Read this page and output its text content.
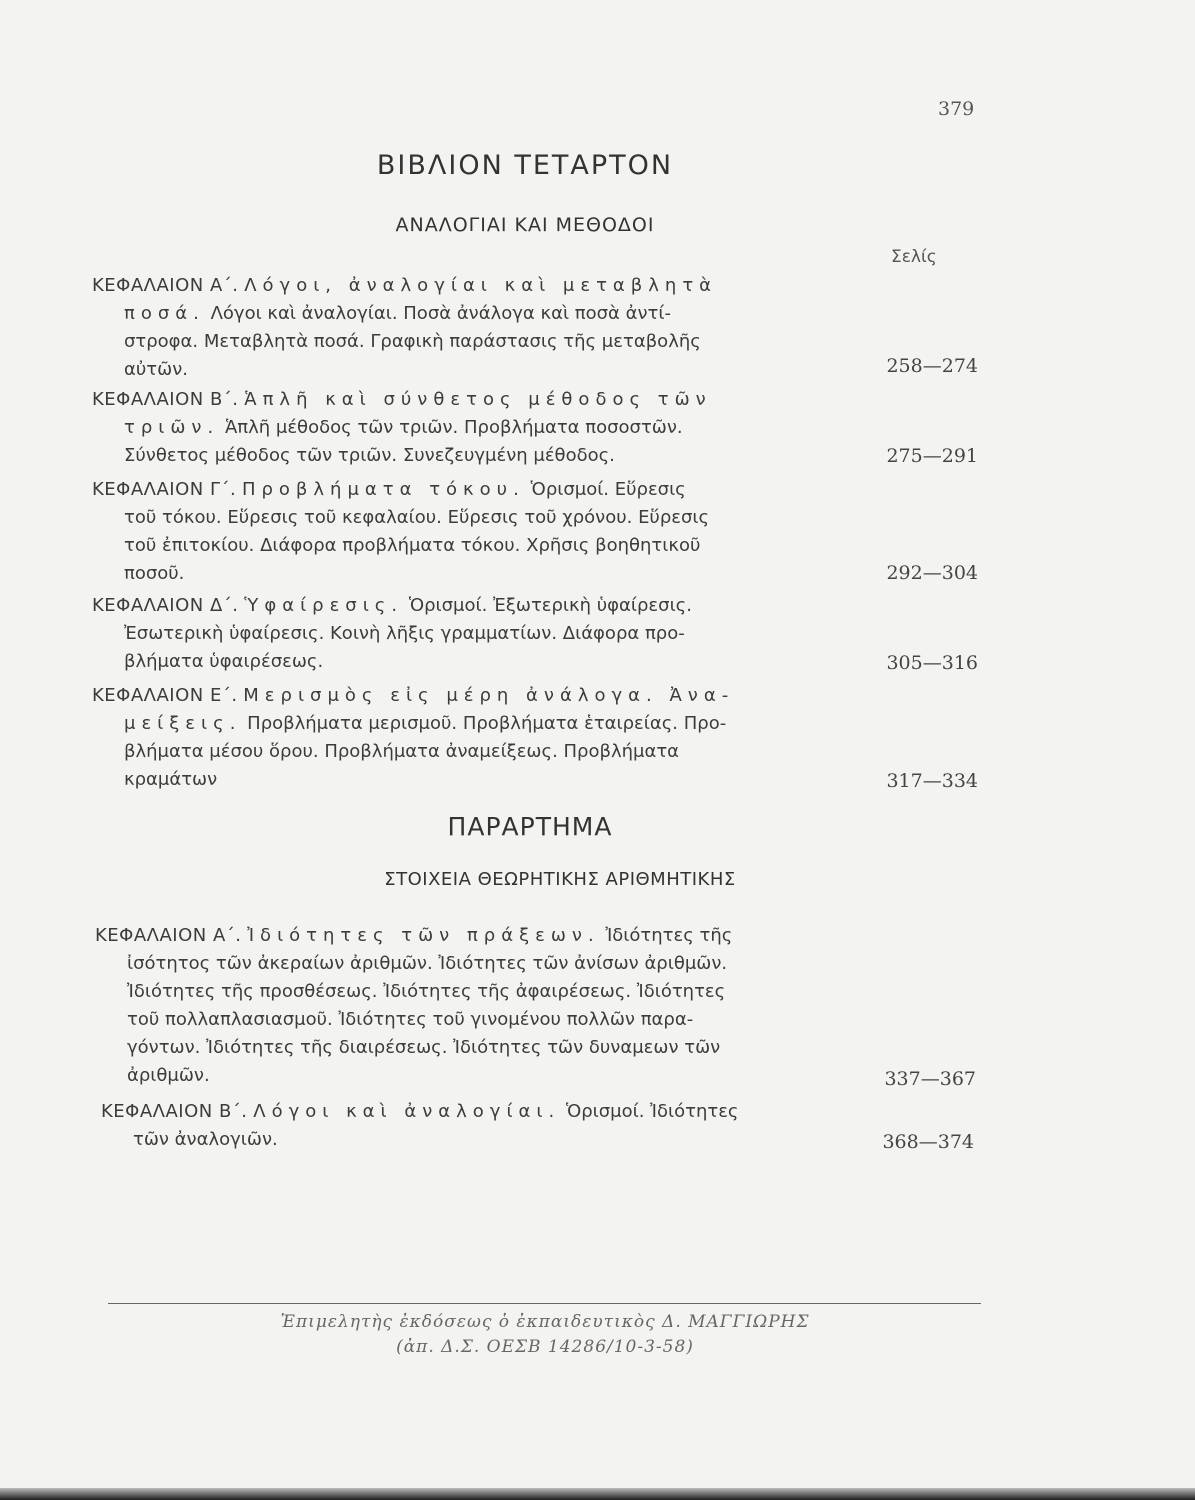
379
ΒΙΒΛΙΟΝ ΤΕΤΑΡΤΟΝ
ΑΝΑΛΟΓΙΑΙ ΚΑΙ ΜΕΘΟΔΟΙ
Σελίς
ΚΕΦΑΛΑΙΟΝ Α΄. Λόγοι, ἀναλογίαι καὶ μεταβλητὰ
ποσά. Λόγοι καὶ ἀναλογίαι. Ποσὰ ἀνάλογα καὶ ποσὰ ἀντί-
στροφα. Μεταβλητὰ ποσά. Γραφικὴ παράστασις τῆς μεταβολῆς
αὐτῶν.	258—274
ΚΕΦΑΛΑΙΟΝ Β΄. Ἁπλῆ καὶ σύνθετος μέθοδος τῶν
τριῶν. Ἁπλῆ μέθοδος τῶν τριῶν. Προβλήματα ποσοστῶν.
Σύνθετος μέθοδος τῶν τριῶν. Συνεζευγμένη μέθοδος.	275—291
ΚΕΦΑΛΑΙΟΝ Γ΄. Προβλήματα τόκου. Ὁρισμοί. Εὕρεσις
τοῦ τόκου. Εὕρεσις τοῦ κεφαλαίου. Εὕρεσις τοῦ χρόνου. Εὕρεσις
τοῦ ἐπιτοκίου. Διάφορα προβλήματα τόκου. Χρῆσις βοηθητικοῦ
ποσοῦ.	292—304
ΚΕΦΑΛΑΙΟΝ Δ΄. Ὑφαίρεσις. Ὁρισμοί. Ἐξωτερικὴ ὑφαίρεσις.
Ἐσωτερικὴ ὑφαίρεσις. Κοινὴ λῆξις γραμματίων. Διάφορα προ-
βλήματα ὑφαιρέσεως.	305—316
ΚΕΦΑΛΑΙΟΝ Ε΄. Μερισμὸς εἰς μέρη ἀνάλογα. Ἀνα-
μείξεις. Προβλήματα μερισμοῦ. Προβλήματα ἑταιρείας. Προ-
βλήματα μέσου ὅρου. Προβλήματα ἀναμείξεως. Προβλήματα
κραμάτων	317—334
ΠΑΡΑΡΤΗΜΑ
ΣΤΟΙΧΕΙΑ ΘΕΩΡΗΤΙΚΗΣ ΑΡΙΘΜΗΤΙΚΗΣ
ΚΕΦΑΛΑΙΟΝ Α΄. Ἰδιότητες τῶν πράξεων. Ἰδιότητες τῆς
ἰσότητος τῶν ἀκεραίων ἀριθμῶν. Ἰδιότητες τῶν ἀνίσων ἀριθμῶν.
Ἰδιότητες τῆς προσθέσεως. Ἰδιότητες τῆς ἀφαιρέσεως. Ἰδιότητες
τοῦ πολλαπλασιασμοῦ. Ἰδιότητες τοῦ γινομένου πολλῶν παρα-
γόντων. Ἰδιότητες τῆς διαιρέσεως. Ἰδιότητες τῶν δυναμεων τῶν
ἀριθμῶν.	337—367
ΚΕΦΑΛΑΙΟΝ Β΄. Λόγοι καὶ ἀναλογίαι. Ὁρισμοί. Ἰδιότητες
τῶν ἀναλογιῶν.	368—374
Ἐπιμελητὴς ἐκδόσεως ὁ ἐκπαιδευτικὸς Δ. ΜΑΓΓΙΩΡΗΣ
(ἀπ. Δ.Σ. ΟΕΣΒ 14286/10-3-58)
